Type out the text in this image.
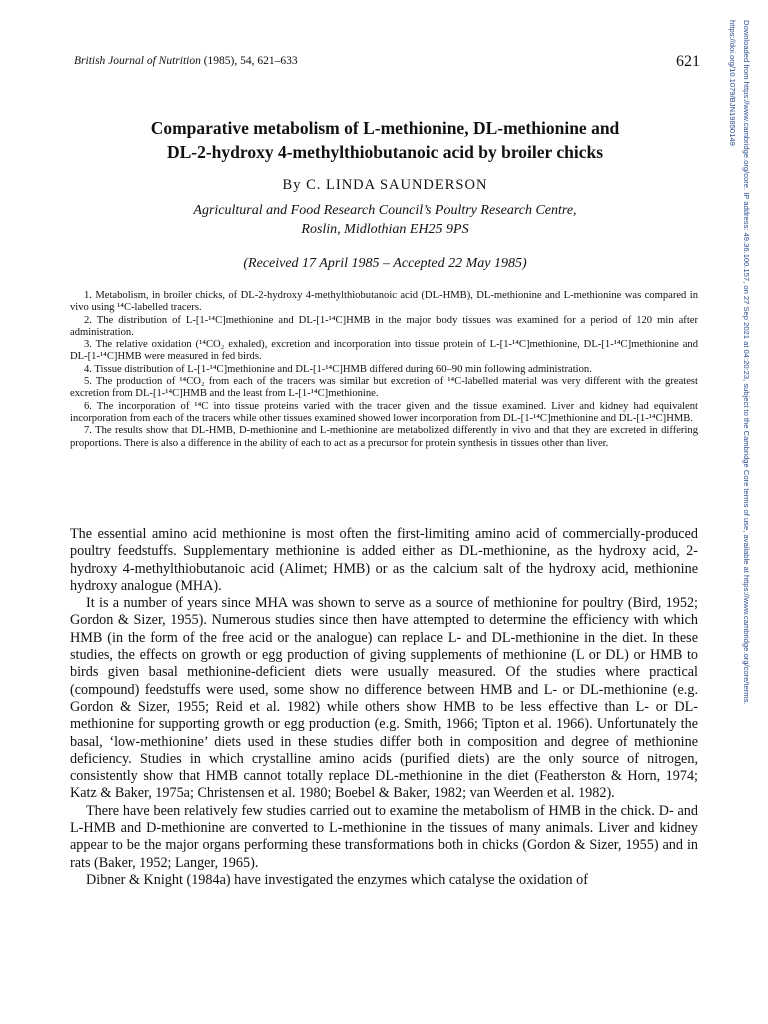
British Journal of Nutrition (1985), 54, 621–633	621
Comparative metabolism of L-methionine, DL-methionine and
DL-2-hydroxy 4-methylthiobutanoic acid by broiler chicks
By C. LINDA SAUNDERSON
Agricultural and Food Research Council’s Poultry Research Centre,
Roslin, Midlothian EH25 9PS
(Received 17 April 1985 – Accepted 22 May 1985)

1. Metabolism, in broiler chicks, of DL-2-hydroxy 4-methylthiobutanoic acid (DL-HMB), DL-methionine and L-methionine was compared in vivo using ¹⁴C-labelled tracers.

2. The distribution of L-[1-¹⁴C]methionine and DL-[1-¹⁴C]HMB in the major body tissues was examined for a period of 120 min after administration.

3. The relative oxidation (¹⁴CO₂ exhaled), excretion and incorporation into tissue protein of L-[1-¹⁴C]methionine, DL-[1-¹⁴C]methionine and DL-[1-¹⁴C]HMB were measured in fed birds.

4. Tissue distribution of L-[1-¹⁴C]methionine and DL-[1-¹⁴C]HMB differed during 60–90 min following administration.

5. The production of ¹⁴CO₂ from each of the tracers was similar but excretion of ¹⁴C-labelled material was very different with the greatest excretion from DL-[1-¹⁴C]HMB and the least from L-[1-¹⁴C]methionine.

6. The incorporation of ¹⁴C into tissue proteins varied with the tracer given and the tissue examined. Liver and kidney had equivalent incorporation from each of the tracers while other tissues examined showed lower incorporation from DL-[1-¹⁴C]methionine and DL-[1-¹⁴C]HMB.

7. The results show that DL-HMB, D-methionine and L-methionine are metabolized differently in vivo and that they are excreted in differing proportions. There is also a difference in the ability of each to act as a precursor for protein synthesis in tissues other than liver.

The essential amino acid methionine is most often the first-limiting amino acid of commercially-produced poultry feedstuffs. Supplementary methionine is added either as DL-methionine, as the hydroxy acid, 2-hydroxy 4-methylthiobutanoic acid (Alimet; HMB) or as the calcium salt of the hydroxy acid, methionine hydroxy analogue (MHA).

It is a number of years since MHA was shown to serve as a source of methionine for poultry (Bird, 1952; Gordon & Sizer, 1955). Numerous studies since then have attempted to determine the efficiency with which HMB (in the form of the free acid or the analogue) can replace L- and DL-methionine in the diet. In these studies, the effects on growth or egg production of giving supplements of methionine (L or DL) or HMB to birds given basal methionine-deficient diets were usually measured. Of the studies where practical (compound) feedstuffs were used, some show no difference between HMB and L- or DL-methionine (e.g. Gordon & Sizer, 1955; Reid et al. 1982) while others show HMB to be less effective than L- or DL-methionine for supporting growth or egg production (e.g. Smith, 1966; Tipton et al. 1966). Unfortunately the basal, ‘low-methionine’ diets used in these studies differ both in composition and degree of methionine deficiency. Studies in which crystalline amino acids (purified diets) are the only source of nitrogen, consistently show that HMB cannot totally replace DL-methionine in the diet (Featherston & Horn, 1974; Katz & Baker, 1975a; Christensen et al. 1980; Boebel & Baker, 1982; van Weerden et al. 1982).

There have been relatively few studies carried out to examine the metabolism of HMB in the chick. D- and L-HMB and D-methionine are converted to L-methionine in the tissues of many animals. Liver and kidney appear to be the major organs performing these transformations both in chicks (Gordon & Sizer, 1955) and in rats (Baker, 1952; Langer, 1965).

Dibner & Knight (1984a) have investigated the enzymes which catalyse the oxidation of

Downloaded from https://www.cambridge.org/core. IP address: 49.36.100.157, on 27 Sep 2021 at 04:20:23, subject to the Cambridge Core terms of use, available at https://www.cambridge.org/core/terms.
https://doi.org/10.1079/BJN19850149
